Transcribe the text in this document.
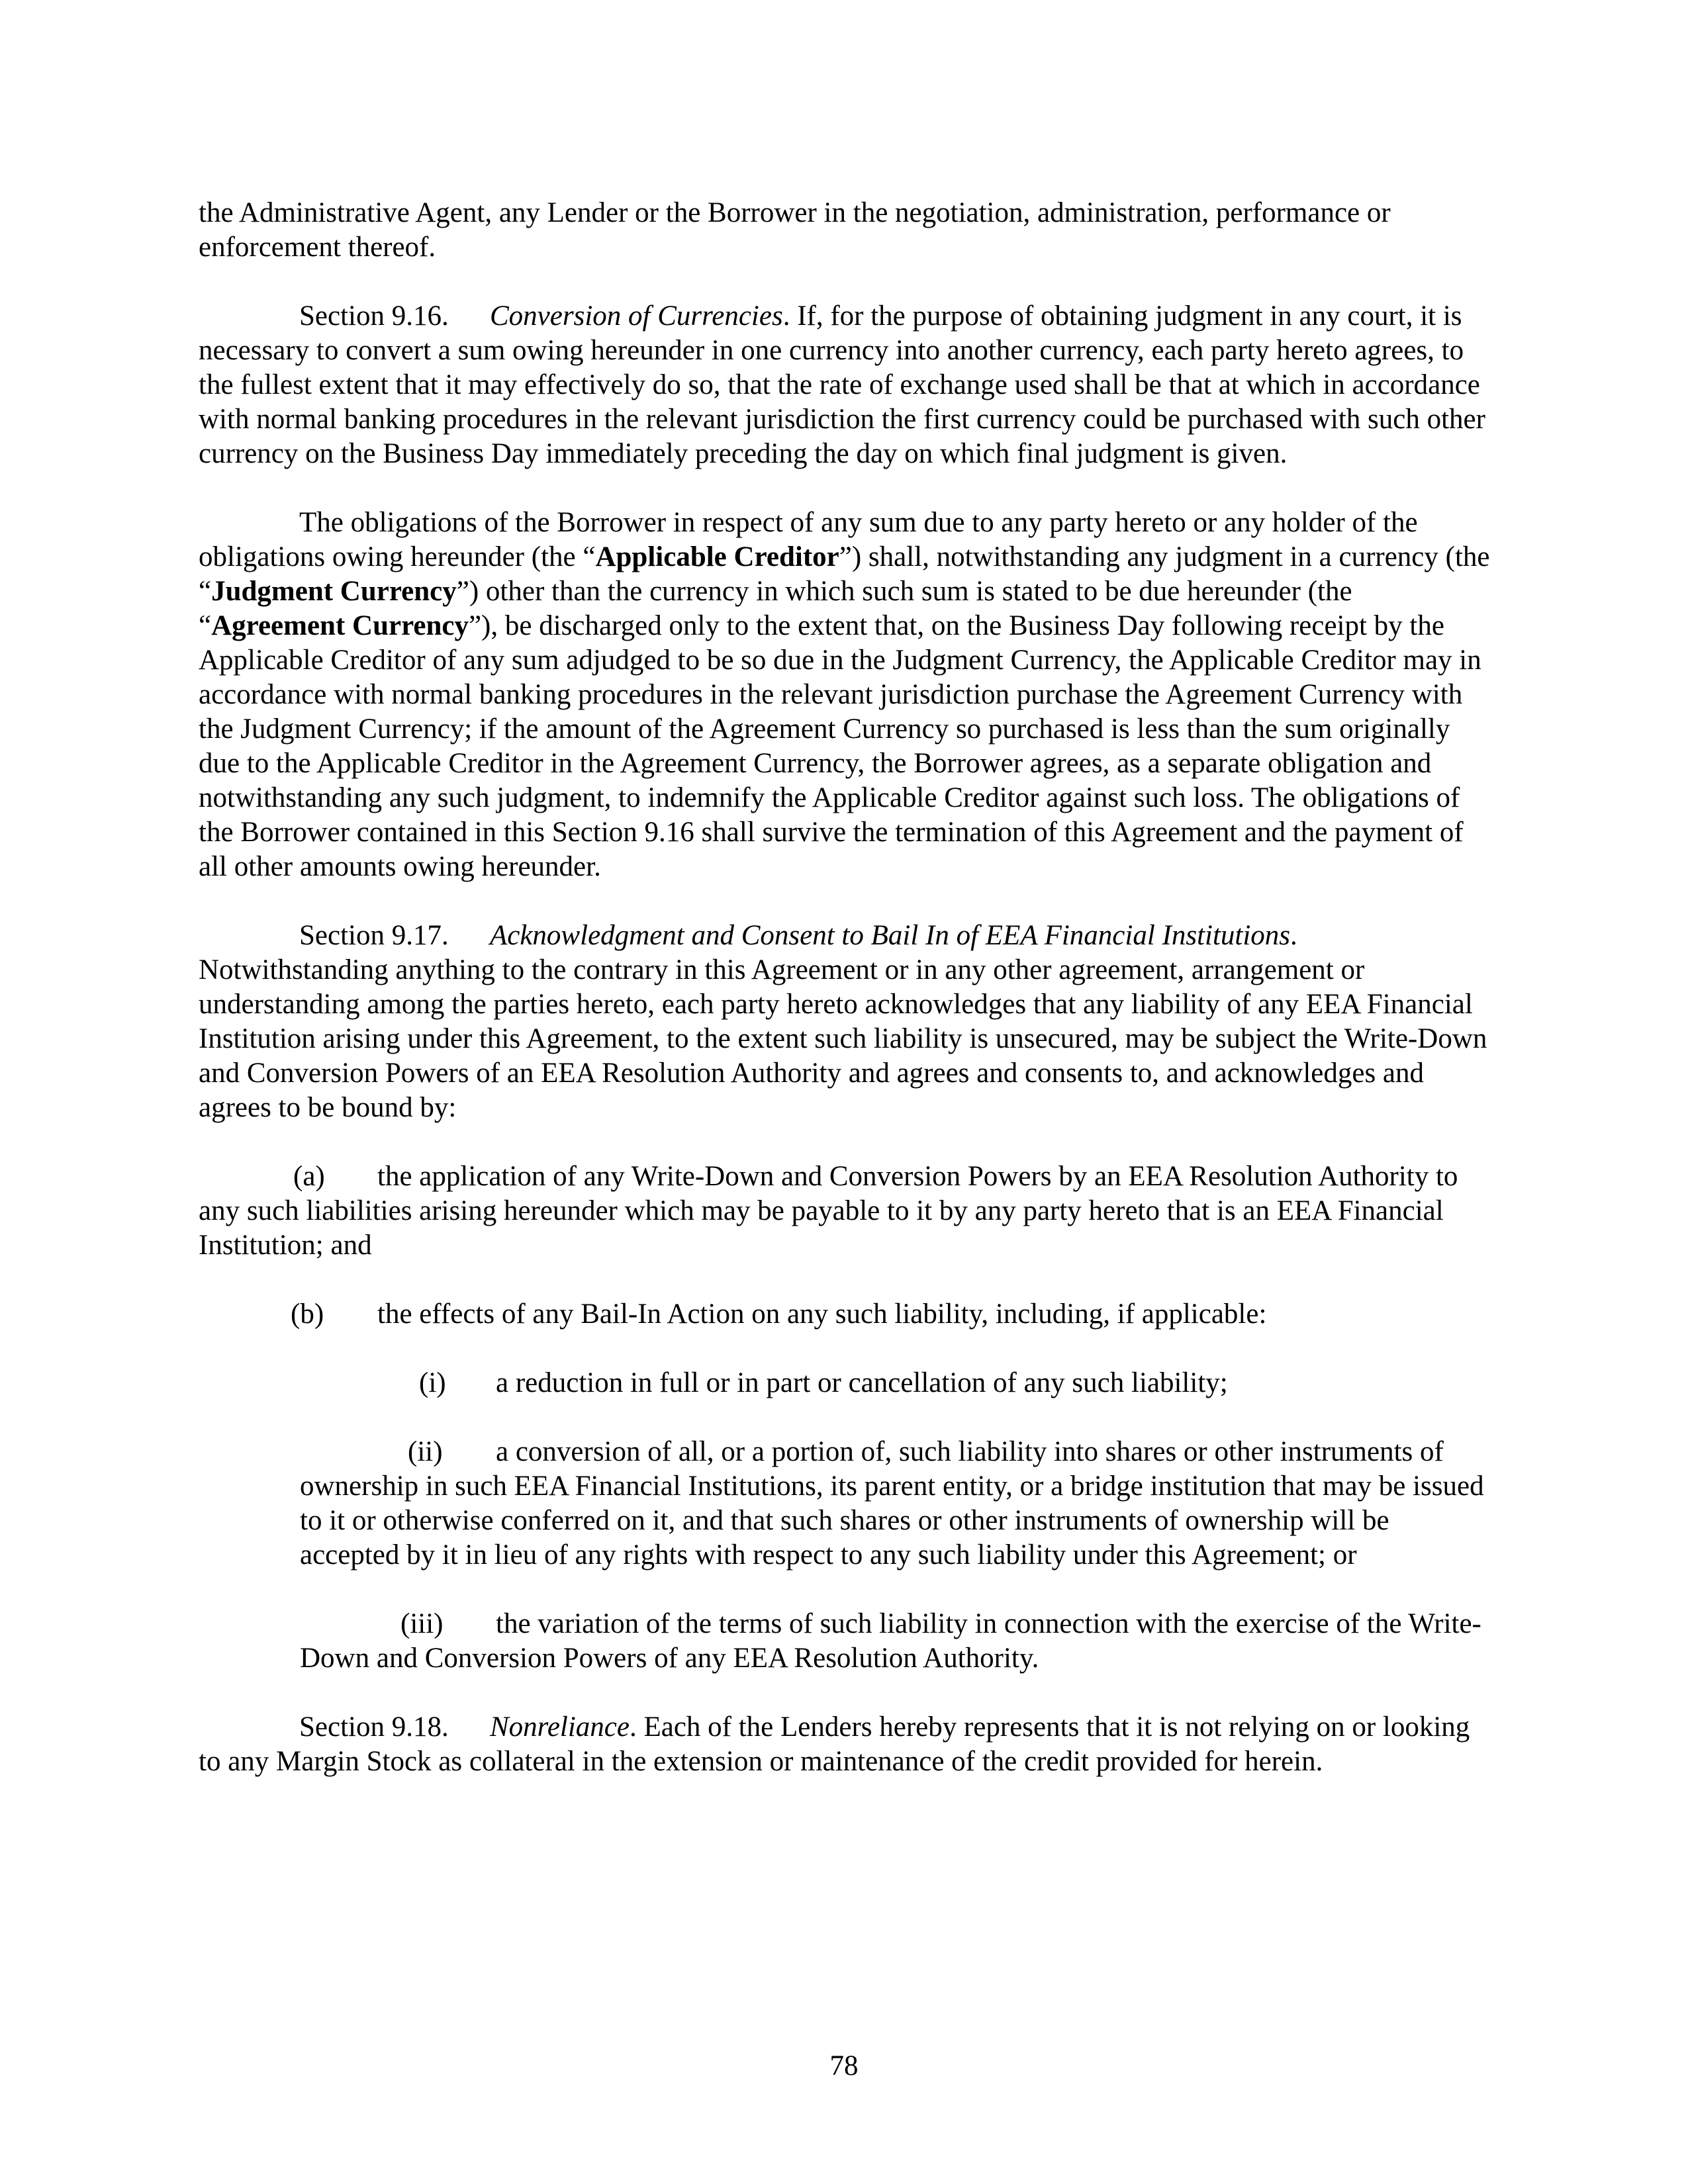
the Administrative Agent, any Lender or the Borrower in the negotiation, administration, performance or enforcement thereof.

Section 9.16. Conversion of Currencies. If, for the purpose of obtaining judgment in any court, it is necessary to convert a sum owing hereunder in one currency into another currency, each party hereto agrees, to the fullest extent that it may effectively do so, that the rate of exchange used shall be that at which in accordance with normal banking procedures in the relevant jurisdiction the first currency could be purchased with such other currency on the Business Day immediately preceding the day on which final judgment is given.

The obligations of the Borrower in respect of any sum due to any party hereto or any holder of the obligations owing hereunder (the “Applicable Creditor”) shall, notwithstanding any judgment in a currency (the “Judgment Currency”) other than the currency in which such sum is stated to be due hereunder (the “Agreement Currency”), be discharged only to the extent that, on the Business Day following receipt by the Applicable Creditor of any sum adjudged to be so due in the Judgment Currency, the Applicable Creditor may in accordance with normal banking procedures in the relevant jurisdiction purchase the Agreement Currency with the Judgment Currency; if the amount of the Agreement Currency so purchased is less than the sum originally due to the Applicable Creditor in the Agreement Currency, the Borrower agrees, as a separate obligation and notwithstanding any such judgment, to indemnify the Applicable Creditor against such loss. The obligations of the Borrower contained in this Section 9.16 shall survive the termination of this Agreement and the payment of all other amounts owing hereunder.

Section 9.17. Acknowledgment and Consent to Bail In of EEA Financial Institutions. Notwithstanding anything to the contrary in this Agreement or in any other agreement, arrangement or understanding among the parties hereto, each party hereto acknowledges that any liability of any EEA Financial Institution arising under this Agreement, to the extent such liability is unsecured, may be subject the Write-Down and Conversion Powers of an EEA Resolution Authority and agrees and consents to, and acknowledges and agrees to be bound by:

(a) the application of any Write-Down and Conversion Powers by an EEA Resolution Authority to any such liabilities arising hereunder which may be payable to it by any party hereto that is an EEA Financial Institution; and

(b) the effects of any Bail-In Action on any such liability, including, if applicable:

(i) a reduction in full or in part or cancellation of any such liability;

(ii) a conversion of all, or a portion of, such liability into shares or other instruments of ownership in such EEA Financial Institutions, its parent entity, or a bridge institution that may be issued to it or otherwise conferred on it, and that such shares or other instruments of ownership will be accepted by it in lieu of any rights with respect to any such liability under this Agreement; or

(iii) the variation of the terms of such liability in connection with the exercise of the Write-Down and Conversion Powers of any EEA Resolution Authority.

Section 9.18. Nonreliance. Each of the Lenders hereby represents that it is not relying on or looking to any Margin Stock as collateral in the extension or maintenance of the credit provided for herein.

78
